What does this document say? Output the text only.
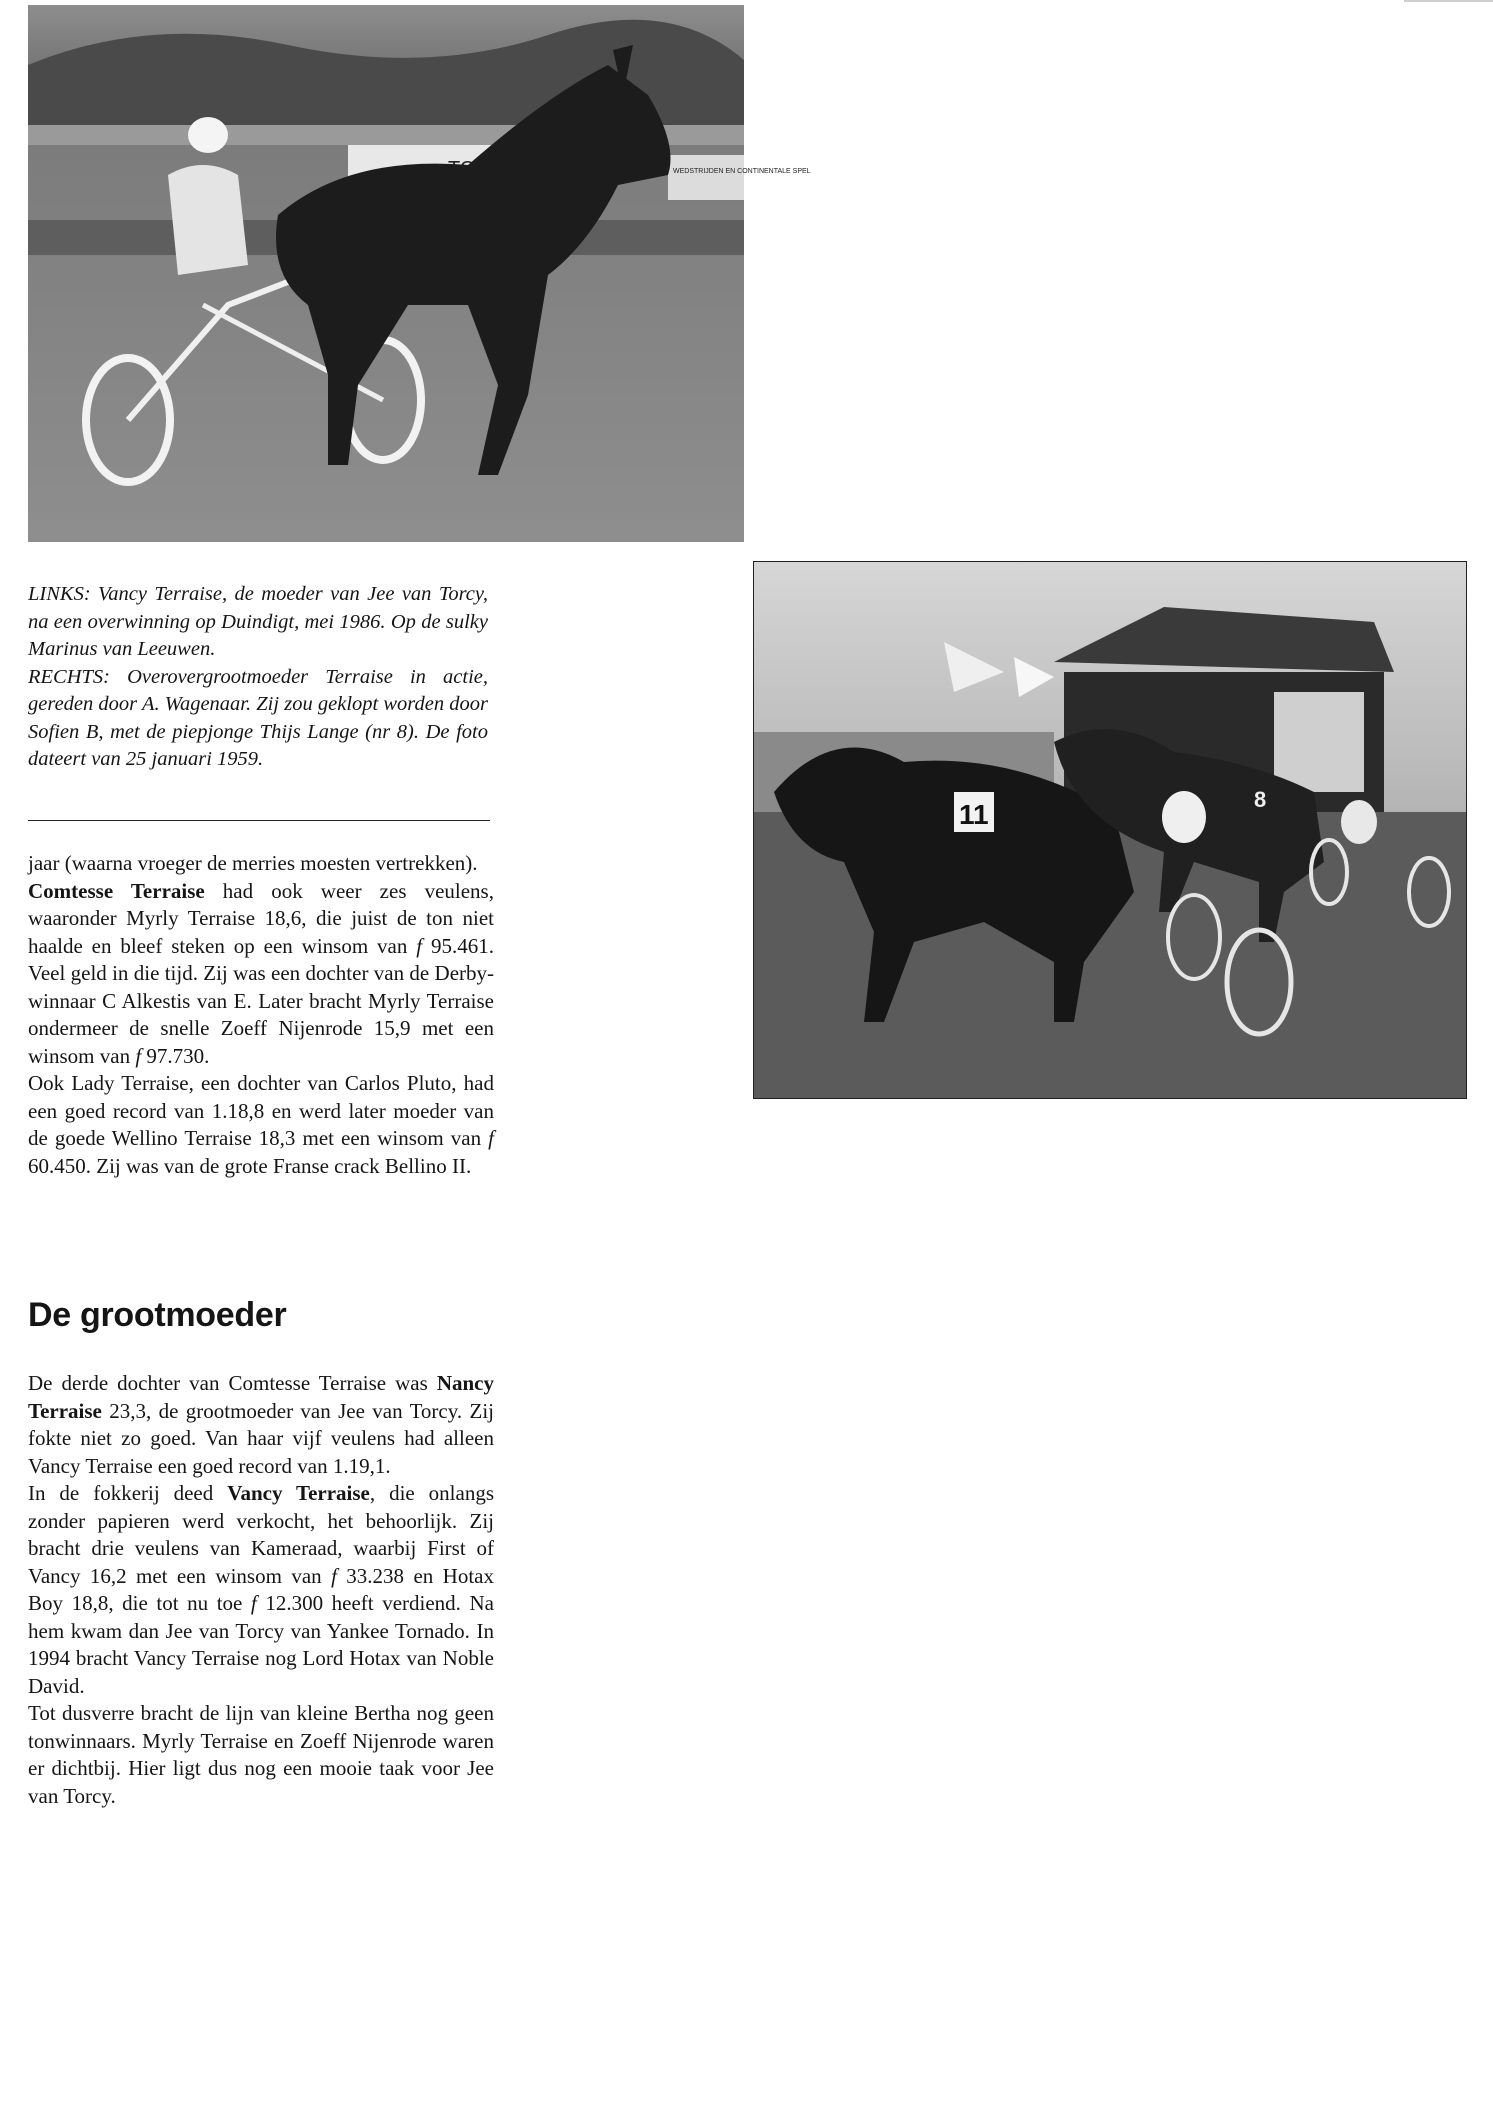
WEDSTRIJDEN EN CONTINENTALE SPEL
11	8

LINKS: Vancy Terraise, de moeder van Jee van Torcy, na een overwinning op Duindigt, mei 1986. Op de sulky Marinus van Leeuwen.

RECHTS: Overovergrootmoeder Terraise in actie, gereden door A. Wagenaar. Zij zou geklopt worden door Sofien B, met de piepjonge Thijs Lange (nr 8). De foto dateert van 25 januari 1959.

jaar (waarna vroeger de merries moesten vertrekken).

Comtesse Terraise had ook weer zes veulens, waaronder Myrly Terraise 18,6, die juist de ton niet haalde en bleef steken op een winsom van f 95.461. Veel geld in die tijd. Zij was een dochter van de Derby-winnaar C Alkestis van E. Later bracht Myrly Terraise ondermeer de snelle Zoeff Nijenrode 15,9 met een winsom van f 97.730.

Ook Lady Terraise, een dochter van Carlos Pluto, had een goed record van 1.18,8 en werd later moeder van de goede Wellino Terraise 18,3 met een winsom van f 60.450. Zij was van de grote Franse crack Bellino II.

De grootmoeder

De derde dochter van Comtesse Terraise was Nancy Terraise 23,3, de grootmoeder van Jee van Torcy. Zij fokte niet zo goed. Van haar vijf veulens had alleen Vancy Terraise een goed record van 1.19,1.

In de fokkerij deed Vancy Terraise, die onlangs zonder papieren werd verkocht, het behoorlijk. Zij bracht drie veulens van Kameraad, waarbij First of Vancy 16,2 met een winsom van f 33.238 en Hotax Boy 18,8, die tot nu toe f 12.300 heeft verdiend. Na hem kwam dan Jee van Torcy van Yankee Tornado. In 1994 bracht Vancy Terraise nog Lord Hotax van Noble David.

Tot dusverre bracht de lijn van kleine Bertha nog geen tonwinnaars. Myrly Terraise en Zoeff Nijenrode waren er dichtbij. Hier ligt dus nog een mooie taak voor Jee van Torcy.
